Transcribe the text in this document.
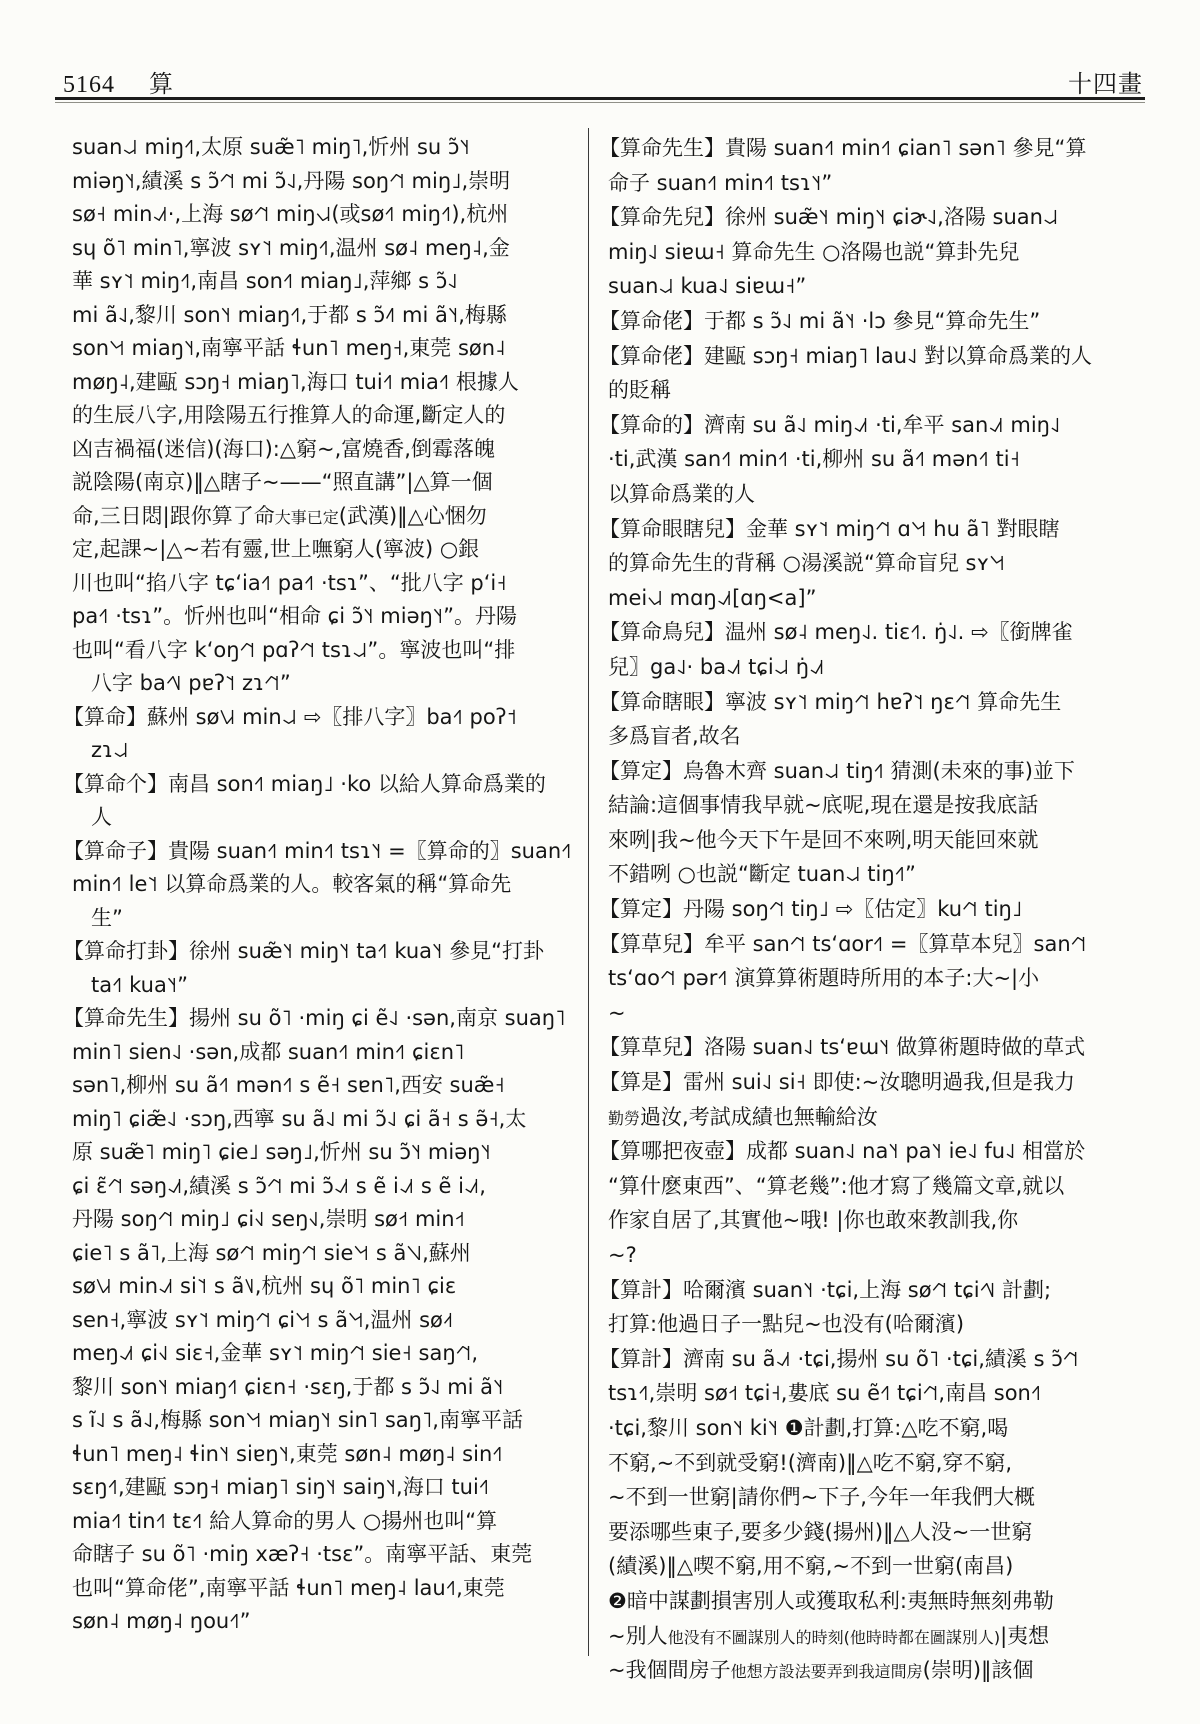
5164 算	十四畫
suan˨˩˨ miŋ˧˥,太原 suæ̃˥ miŋ˥,忻州 su ɔ̃˥˧
miəŋ˥˧,績溪 s ɔ̃˧˥˦ mi ɔ̃˨˩,丹陽 soŋ˧˥˦ miŋ˩,崇明
sø˧ min˨˩˦·,上海 sø˧˥˦ miŋ˧˩˨(或sø˧˥ miŋ˧˥),杭州
sɥ õ˥ min˥,寧波 sʏ˥˦ miŋ˧˥,温州 sø˨ meŋ˨,金
華 sʏ˥˦ miŋ˧˥,南昌 son˧˥ miaŋ˩,萍鄉 s ɔ̃˨˩
mi ã˨˩,黎川 son˥˧ miaŋ˧˥,于都 s ɔ̃˨˥ mi ã˥˧,梅縣
son˥˧˦ miaŋ˥˧,南寧平話 ɬun˥ meŋ˧,東莞 søn˨
møŋ˨,建甌 sɔŋ˧ miaŋ˥,海口 tui˧˥ mia˧˥ 根據人
的生辰八字,用陰陽五行推算人的命運,斷定人的
凶吉禍福(迷信)(海口):△窮~,富燒香,倒霉落魄
説陰陽(南京)‖△瞎子~——“照直講”|△算一個
命,三日悶|跟你算了命大事已定(武漢)‖△心悃勿
定,起課~|△~若有靈,世上嘸窮人(寧波) ○銀
川也叫“掐八字 tɕʻia˧˥ pa˧˥ ·tsɿ”、“批八字 pʻi˧
pa˧˥ ·tsɿ”。忻州也叫“相命 ɕi ɔ̃˥˧ miəŋ˥˧”。丹陽
也叫“看八字 kʻoŋ˧˥˦ pɑʔ˧˥˦ tsɿ˨˩˨”。寧波也叫“排
八字 ba˧˥˩ pɐʔ˥˦ zɿ˧˥˦”
【算命】蘇州 sø˥˩˧ min˨˩˨ ⇨〖排八字〗ba˧˥ poʔ˦
zɿ˨˩˨
【算命个】南昌 son˧˥ miaŋ˩ ·ko 以給人算命爲業的
人
【算命子】貴陽 suan˧˥ min˧˥ tsɿ˥˧ =〖算命的〗suan˧˥
min˧˥ le˥˦ 以算命爲業的人。較客氣的稱“算命先
生”
【算命打卦】徐州 suæ̃˥˧ miŋ˥˧ ta˧˥ kua˥˧ 參見“打卦
ta˧˥ kua˥˧”
【算命先生】揚州 su õ˥ ·miŋ ɕi ẽ˨˩ ·sən,南京 suaŋ˥
min˥ sien˨˩ ·sən,成都 suan˧˥ min˧˥ ɕiɛn˥
sən˥,柳州 su ã˧˥ mən˧˥ s ẽ˧ sɐn˥,西安 suæ̃˧
miŋ˥ ɕiæ̃˨˩ ·sɔŋ,西寧 su ã˨˩ mi ɔ̃˨˩ ɕi ã˧ s ə̃˧,太
原 suæ̃˥ miŋ˥ ɕie˩ səŋ˩,忻州 su ɔ̃˥˧ miəŋ˥˧
ɕi ɛ̃˧˥˦ səŋ˨˩˦,績溪 s ɔ̃˧˥˦ mi ɔ̃˨˩˦ s ẽ i˨˩˦ s ẽ i˨˩˦,
丹陽 soŋ˧˥˦ miŋ˩ ɕi˧˩ seŋ˧˩,崇明 sø˧˦ min˧˦
ɕie˥ s ã˥,上海 sø˧˥˦ miŋ˧˥˦ sie˥˧˦ s ã˥˧˩,蘇州
sø˥˩˧ min˨˩˦ si˥˦ s ã˥˩,杭州 sɥ õ˥ min˥ ɕiɛ
sen˧,寧波 sʏ˥˦ miŋ˧˥˦ ɕi˥˧˦ s ã˥˧˦,温州 sø˨˦
meŋ˨˩˦ ɕi˧˩ siɛ˧,金華 sʏ˥˦ miŋ˧˥˦ sie˧ saŋ˧˥˦,
黎川 son˥˧ miaŋ˧˥ ɕiɛn˧ ·sɛŋ,于都 s ɔ̃˨˩ mi ã˥˧
s ĩ˨˩ s ã˨˩,梅縣 son˥˧˦ miaŋ˥˧ sin˥ saŋ˥,南寧平話
ɬun˥ meŋ˨ ɬin˥˧ siɐŋ˥˧,東莞 søn˨ møŋ˨ sin˧˥
sɛŋ˧˥,建甌 sɔŋ˧ miaŋ˥ siŋ˥˧ saiŋ˥˧,海口 tui˧˥
mia˧˥ tin˧˥ tɛ˧˥ 給人算命的男人 ○揚州也叫“算
命瞎子 su õ˥ ·miŋ xæʔ˧ ·tsɛ”。南寧平話、東莞
也叫“算命佬”,南寧平話 ɬun˥ meŋ˨ lau˧˥,東莞
søn˨ møŋ˨ ŋou˧˥”
【算命先生】貴陽 suan˧˥ min˧˥ ɕian˥ sən˥ 參見“算
命子 suan˧˥ min˧˥ tsɿ˥˧”
【算命先兒】徐州 suæ̃˥˧ miŋ˥˧ ɕiɚ˨˩,洛陽 suan˨˩˨
miŋ˨˩ siɐɯ˧ 算命先生 ○洛陽也説“算卦先兒
suan˨˩˨ kua˨˩ siɐɯ˧”
【算命佬】于都 s ɔ̃˨˩ mi ã˥˧ ·lɔ 參見“算命先生”
【算命佬】建甌 sɔŋ˧ miaŋ˥ lau˨˩ 對以算命爲業的人
的貶稱
【算命的】濟南 su ã˨˩ miŋ˨˩˦ ·ti,牟平 san˨˩˦ miŋ˨˩
·ti,武漢 san˧˥ min˧˥ ·ti,柳州 su ã˧˥ mən˧˥ ti˧
以算命爲業的人
【算命眼瞎兒】金華 sʏ˥˦ miŋ˧˥˦ ɑ˥˧˦ hu ã˥ 對眼瞎
的算命先生的背稱 ○湯溪説“算命盲兒 sʏ˥˧˦
mei˧˩˨ mɑŋ˨˩˦[ɑŋ<a]”
【算命鳥兒】温州 sø˨ meŋ˨˩. tiɛ˧˥. ŋ̇˨˩. ⇨〖銜牌雀
兒〗ga˨˩· ba˨˩˦ tɕi˨˩˨ ŋ̇˨˩˦
【算命瞎眼】寧波 sʏ˥˦ miŋ˧˥˦ hɐʔ˥˦ ŋɛ˧˥˦ 算命先生
多爲盲者,故名
【算定】烏魯木齊 suan˨˩˨ tiŋ˧˥ 猜測(未來的事)並下
結論:這個事情我早就~底呢,現在還是按我底話
來咧|我~他今天下午是回不來咧,明天能回來就
不錯咧 ○也説“斷定 tuan˨˩˨ tiŋ˧˥”
【算定】丹陽 soŋ˧˥˦ tiŋ˩ ⇨〖估定〗ku˧˥˦ tiŋ˩
【算草兒】牟平 san˧˥˦ tsʻɑor˧˥ =〖算草本兒〗san˧˥˦
tsʻɑo˧˥˦ pər˧˥ 演算算術題時所用的本子:大~|小
~
【算草兒】洛陽 suan˨˩ tsʻɐɯ˥˧ 做算術題時做的草式
【算是】雷州 sui˨˩ si˧ 即使:~汝聰明過我,但是我力
勤勞過汝,考試成績也無輸給汝
【算哪把夜壺】成都 suan˨˩ na˥˧ pa˥˧ ie˨˩ fu˨˩ 相當於
“算什麽東西”、“算老幾”:他才寫了幾篇文章,就以
作家自居了,其實他~哦! |你也敢來教訓我,你
~?
【算計】哈爾濱 suan˥˧ ·tɕi,上海 sø˧˥˦ tɕi˧˥˩ 計劃;
打算:他過日子一點兒~也没有(哈爾濱)
【算計】濟南 su ã˨˩˦ ·tɕi,揚州 su õ˥ ·tɕi,績溪 s ɔ̃˧˥˦
tsɿ˧˥,崇明 sø˧˦ tɕi˧,婁底 su ẽ˧˥ tɕi˧˥˦,南昌 son˧˥
·tɕi,黎川 son˥˧ ki˥˧ ❶計劃,打算:△吃不窮,喝
不窮,~不到就受窮!(濟南)‖△吃不窮,穿不窮,
~不到一世窮|請你們~下子,今年一年我們大概
要添哪些東子,要多少錢(揚州)‖△人没~一世窮
(績溪)‖△喫不窮,用不窮,~不到一世窮(南昌)
❷暗中謀劃損害別人或獲取私利:夷無時無刻弗勒
~別人他没有不圖謀別人的時刻(他時時都在圖謀別人)|夷想
~我個間房子他想方設法要弄到我這間房(崇明)‖該個
